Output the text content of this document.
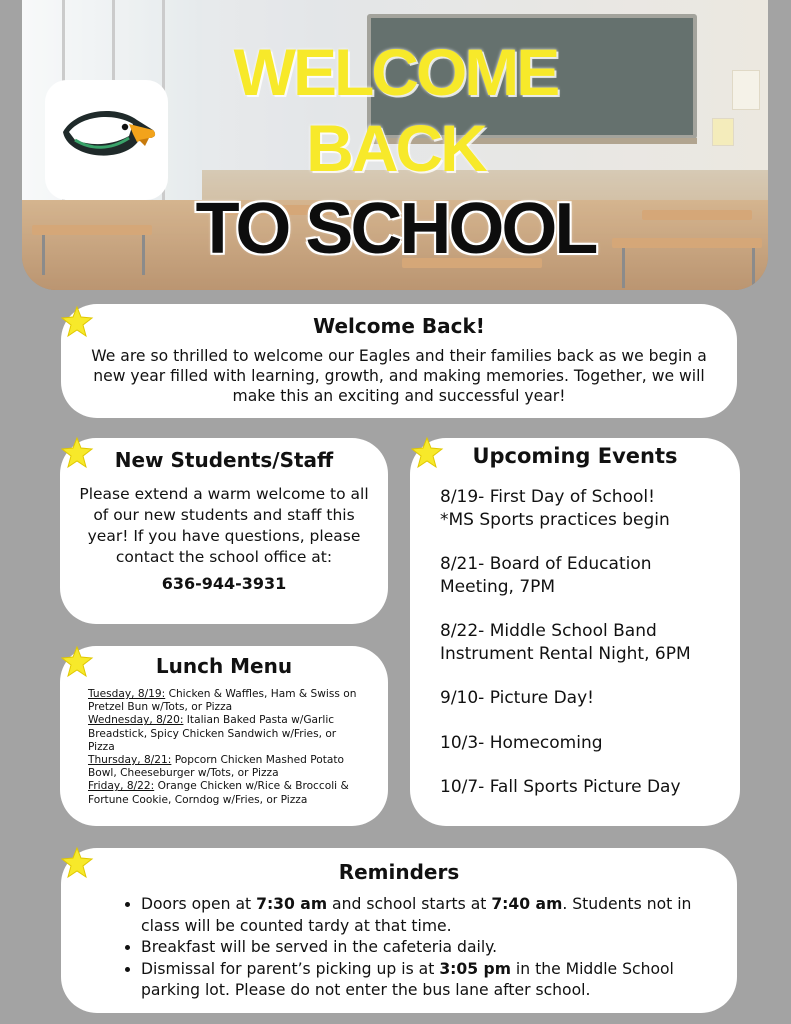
WELCOME
BACK
TO SCHOOL
Welcome Back!

We are so thrilled to welcome our Eagles and their families back as we begin a new year filled with learning, growth, and making memories. Together, we will make this an exciting and successful year!

New Students/Staff

Please extend a warm welcome to all of our new students and staff this year! If you have questions, please contact the school office at:

636-944-3931
Upcoming Events
8/19- First Day of School!
*MS Sports practices begin
8/21- Board of Education
Meeting, 7PM
8/22- Middle School Band
Instrument Rental Night, 6PM
9/10- Picture Day!
10/3- Homecoming
10/7- Fall Sports Picture Day
Lunch Menu
Tuesday, 8/19: Chicken & Waffles, Ham & Swiss on Pretzel Bun w/Tots, or Pizza
Wednesday, 8/20: Italian Baked Pasta w/Garlic Breadstick, Spicy Chicken Sandwich w/Fries, or Pizza
Thursday, 8/21: Popcorn Chicken Mashed Potato Bowl, Cheeseburger w/Tots, or Pizza
Friday, 8/22: Orange Chicken w/Rice & Broccoli & Fortune Cookie, Corndog w/Fries, or Pizza
Reminders
• Doors open at 7:30 am and school starts at 7:40 am. Students not in class will be counted tardy at that time.
• Breakfast will be served in the cafeteria daily.
• Dismissal for parent’s picking up is at 3:05 pm in the Middle School parking lot. Please do not enter the bus lane after school.
